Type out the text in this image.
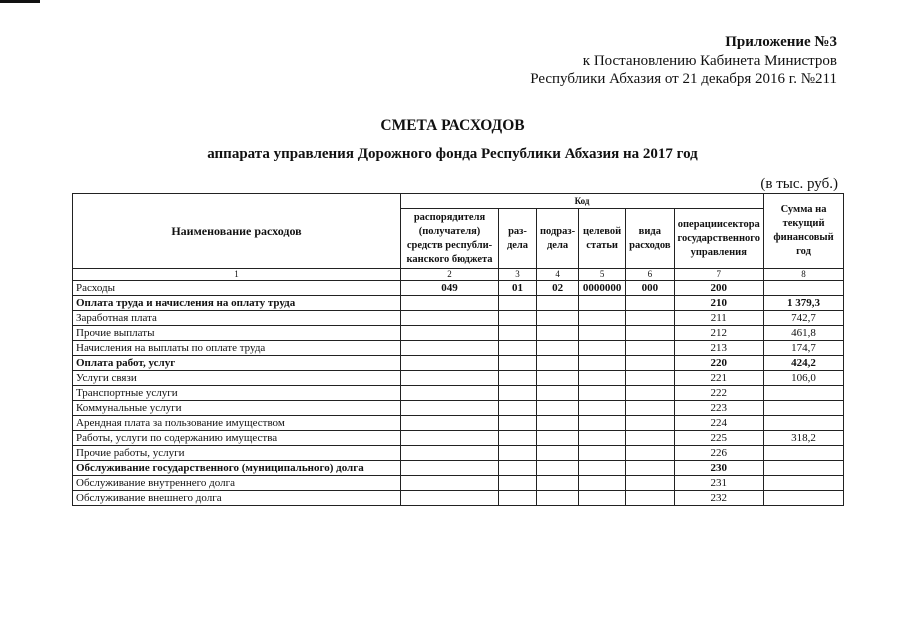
Приложение №3
к Постановлению Кабинета Министров
Республики Абхазия от 21 декабря 2016 г. №211
СМЕТА РАСХОДОВ
аппарата управления Дорожного фонда Республики Абхазия на 2017 год
(в тыс. руб.)
Наименование расходов	Код						Сумма на текущий финансовый год
	распорядителя (получателя) средств республи-канского бюджета	раз-дела	подраз-дела	целевой статьи	вида расходов	операциисектора государственного управления	
1	2	3	4	5	6	7	8
Расходы	049	01	02	0000000	000	200	
Оплата труда и начисления на оплату труда						210	1 379,3
Заработная плата						211	742,7
Прочие выплаты						212	461,8
Начисления на выплаты по оплате труда						213	174,7
Оплата работ, услуг						220	424,2
Услуги связи						221	106,0
Транспортные услуги						222	
Коммунальные услуги						223	
Арендная плата за пользование имуществом						224	
Работы, услуги по содержанию имущества						225	318,2
Прочие работы, услуги						226	
Обслуживание государственного (муниципального) долга						230	
Обслуживание внутреннего долга						231	
Обслуживание внешнего долга						232	
